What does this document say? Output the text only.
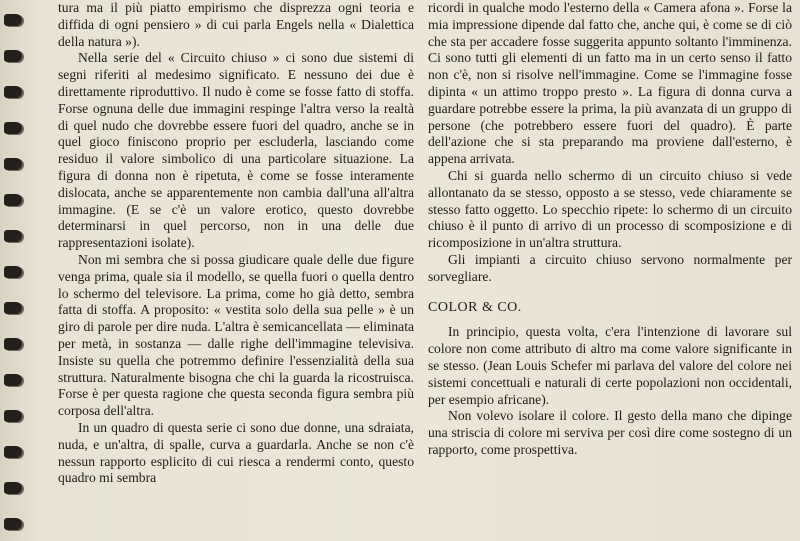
tura ma il più piatto empirismo che disprezza ogni teoria e diffida di ogni pensiero » di cui parla Engels nella « Dialettica della natura »).

Nella serie del « Circuito chiuso » ci sono due sistemi di segni riferiti al medesimo significato. E nessuno dei due è direttamente riproduttivo. Il nudo è come se fosse fatto di stoffa. Forse ognuna delle due immagini respinge l'altra verso la realtà di quel nudo che dovrebbe essere fuori del quadro, anche se in quel gioco finiscono proprio per escluderla, lasciando come residuo il valore simbolico di una particolare situazione. La figura di donna non è ripetuta, è come se fosse interamente dislocata, anche se apparentemente non cambia dall'una all'altra immagine. (E se c'è un valore erotico, questo dovrebbe determinarsi in quel percorso, non in una delle due rappresentazioni isolate).

Non mi sembra che si possa giudicare quale delle due figure venga prima, quale sia il modello, se quella fuori o quella dentro lo schermo del televisore. La prima, come ho già detto, sembra fatta di stoffa. A proposito: « vestita solo della sua pelle » è un giro di parole per dire nuda. L'altra è semicancellata — eliminata per metà, in sostanza — dalle righe dell'immagine televisiva. Insiste su quella che potremmo definire l'essenzialità della sua struttura. Naturalmente bisogna che chi la guarda la ricostruisca. Forse è per questa ragione che questa seconda figura sembra più corposa dell'altra.

In un quadro di questa serie ci sono due donne, una sdraiata, nuda, e un'altra, di spalle, curva a guardarla. Anche se non c'è nessun rapporto esplicito di cui riesca a rendermi conto, questo quadro mi sembra

ricordi in qualche modo l'esterno della « Camera afona ». Forse la mia impressione dipende dal fatto che, anche qui, è come se di ciò che sta per accadere fosse suggerita appunto soltanto l'imminenza. Ci sono tutti gli elementi di un fatto ma in un certo senso il fatto non c'è, non si risolve nell'immagine. Come se l'immagine fosse dipinta « un attimo troppo presto ». La figura di donna curva a guardare potrebbe essere la prima, la più avanzata di un gruppo di persone (che potrebbero essere fuori del quadro). È parte dell'azione che si sta preparando ma proviene dall'esterno, è appena arrivata.

Chi si guarda nello schermo di un circuito chiuso si vede allontanato da se stesso, opposto a se stesso, vede chiaramente se stesso fatto oggetto. Lo specchio ripete: lo schermo di un circuito chiuso è il punto di arrivo di un processo di scomposizione e di ricomposizione in un'altra struttura.

Gli impianti a circuito chiuso servono normalmente per sorvegliare.

COLOR & CO.

In principio, questa volta, c'era l'intenzione di lavorare sul colore non come attributo di altro ma come valore significante in se stesso. (Jean Louis Schefer mi parlava del valore del colore nei sistemi concettuali e naturali di certe popolazioni non occidentali, per esempio africane).

Non volevo isolare il colore. Il gesto della mano che dipinge una striscia di colore mi serviva per così dire come sostegno di un rapporto, come prospettiva.
